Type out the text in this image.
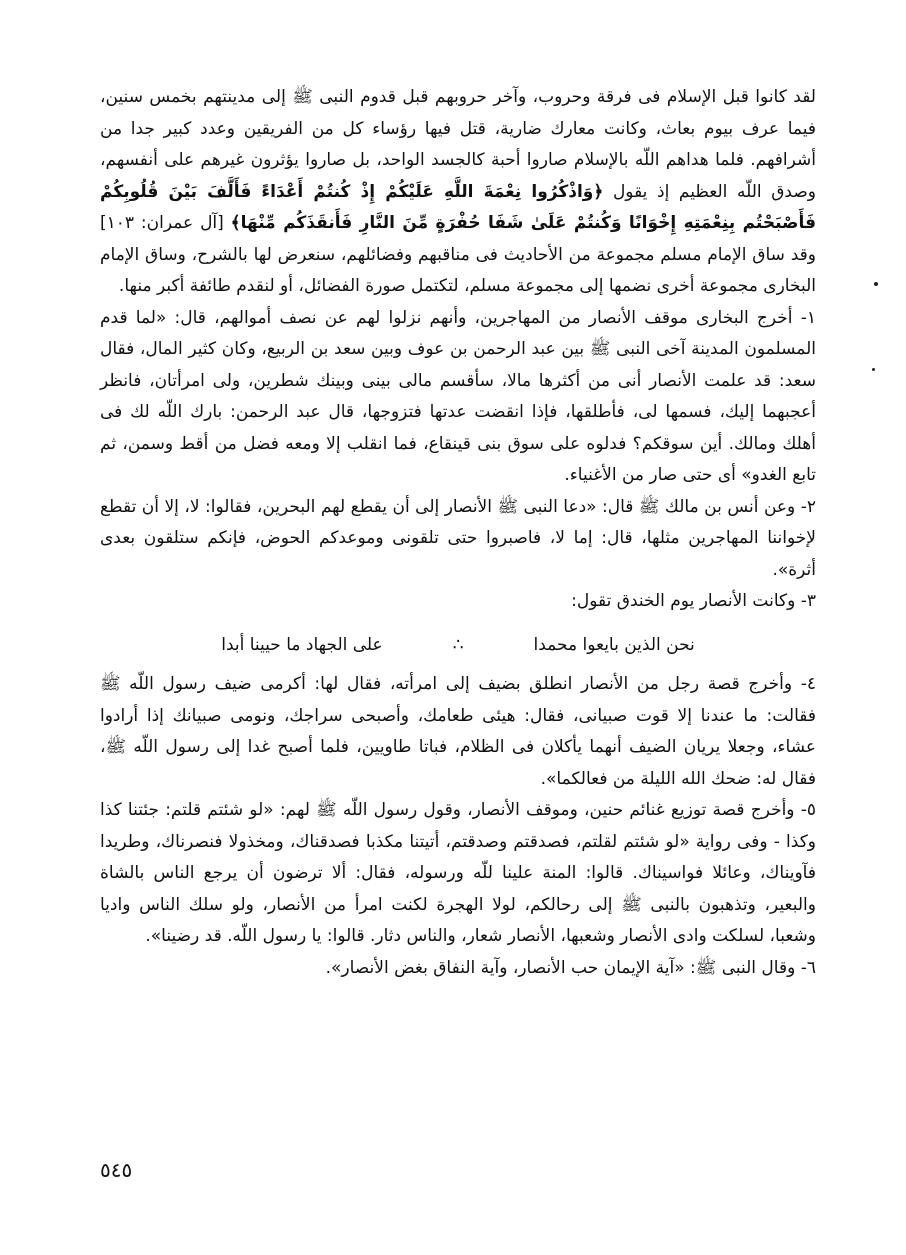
لقد كانوا قبل الإسلام فى فرقة وحروب، وآخر حروبهم قبل قدوم النبى ﷺ إلى مدينتهم بخمس سنين، فيما عرف بيوم بعاث، وكانت معارك ضارية، قتل فيها رؤساء كل من الفريقين وعدد كبير جدا من أشرافهم. فلما هداهم اللّه بالإسلام صاروا أحبة كالجسد الواحد، بل صاروا يؤثرون غيرهم على أنفسهم، وصدق اللّه العظيم إذ يقول ﴿وَاذْكُرُوا نِعْمَةَ اللَّهِ عَلَيْكُمْ إِذْ كُنتُمْ أَعْدَاءً فَأَلَّفَ بَيْنَ قُلُوبِكُمْ فَأَصْبَحْتُم بِنِعْمَتِهِ إِخْوَانًا وَكُنتُمْ عَلَىٰ شَفَا حُفْرَةٍ مِّنَ النَّارِ فَأَنقَذَكُم مِّنْهَا﴾ [آل عمران: ١٠٣] وقد ساق الإمام مسلم مجموعة من الأحاديث فى مناقبهم وفضائلهم، سنعرض لها بالشرح، وساق الإمام البخارى مجموعة أخرى نضمها إلى مجموعة مسلم، لتكتمل صورة الفضائل، أو لنقدم طائفة أكبر منها.

١- أخرج البخارى موقف الأنصار من المهاجرين، وأنهم نزلوا لهم عن نصف أموالهم، قال: «لما قدم المسلمون المدينة آخى النبى ﷺ بين عبد الرحمن بن عوف وبين سعد بن الربيع، وكان كثير المال، فقال سعد: قد علمت الأنصار أنى من أكثرها مالا، سأقسم مالى بينى وبينك شطرين، ولى امرأتان، فانظر أعجبهما إليك، فسمها لى، فأطلقها، فإذا انقضت عدتها فتزوجها، قال عبد الرحمن: بارك اللّه لك فى أهلك ومالك. أين سوقكم؟ فدلوه على سوق بنى قينقاع، فما انقلب إلا ومعه فضل من أقط وسمن، ثم تابع الغدو» أى حتى صار من الأغنياء.

٢- وعن أنس بن مالك ﷺ قال: «دعا النبى ﷺ الأنصار إلى أن يقطع لهم البحرين، فقالوا: لا، إلا أن تقطع لإخواننا المهاجرين مثلها، قال: إما لا، فاصبروا حتى تلقونى وموعدكم الحوض، فإنكم ستلقون بعدى أثرة».

٣- وكانت الأنصار يوم الخندق تقول:

نحن الذين بايعوا محمدا
∴
على الجهاد ما حيينا أبدا

٤- وأخرج قصة رجل من الأنصار انطلق بضيف إلى امرأته، فقال لها: أكرمى ضيف رسول اللّه ﷺ فقالت: ما عندنا إلا قوت صبيانى، فقال: هيئى طعامك، وأصبحى سراجك، ونومى صبيانك إذا أرادوا عشاء، وجعلا يريان الضيف أنهما يأكلان فى الظلام، فباتا طاويين، فلما أصبح غدا إلى رسول اللّه ﷺ، فقال له: ضحك الله الليلة من فعالكما».

٥- وأخرج قصة توزيع غنائم حنين، وموقف الأنصار، وقول رسول اللّه ﷺ لهم: «لو شئتم قلتم: جئتنا كذا وكذا - وفى رواية «لو شئتم لقلتم، فصدقتم وصدقتم، أتيتنا مكذبا فصدقناك، ومخذولا فنصرناك، وطريدا فآويناك، وعائلا فواسيناك. قالوا: المنة علينا للّه ورسوله، فقال: ألا ترضون أن يرجع الناس بالشاة والبعير، وتذهبون بالنبى ﷺ إلى رحالكم، لولا الهجرة لكنت امرأ من الأنصار، ولو سلك الناس واديا وشعبا، لسلكت وادى الأنصار وشعبها، الأنصار شعار، والناس دثار. قالوا: يا رسول اللّه. قد رضينا».

٦- وقال النبى ﷺ: «آية الإيمان حب الأنصار، وآية النفاق بغض الأنصار».

٥٤٥
